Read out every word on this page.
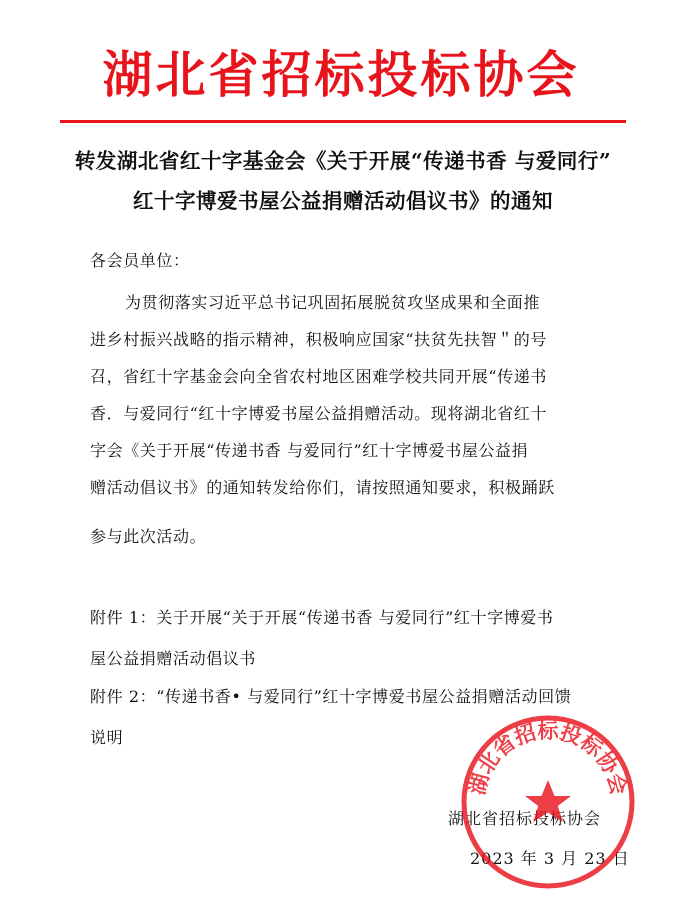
湖北省招标投标协会
转发湖北省红十字基金会《关于开展“传递书香 与爱同行”
红十字博爱书屋公益捐赠活动倡议书》的通知
各会员单位：
为贯彻落实习近平总书记巩固拓展脱贫攻坚成果和全面推
进乡村振兴战略的指示精神，积极响应国家“扶贫先扶智＂的号
召，省红十字基金会向全省农村地区困难学校共同开展“传递书
香．与爱同行“红十字博爱书屋公益捐赠活动。现将湖北省红十
字会《关于开展“传递书香 与爱同行”红十字博爱书屋公益捐
赠活动倡议书》的通知转发给你们，请按照通知要求，积极踊跃
参与此次活动。
附件 1：关于开展“关于开展“传递书香 与爱同行”红十字博爱书
屋公益捐赠活动倡议书
附件 2：“传递书香• 与爱同行”红十字博爱书屋公益捐赠活动回馈
说明
湖北省招标投标协会
2023 年 3 月 23 日
湖北省招标投标协会
